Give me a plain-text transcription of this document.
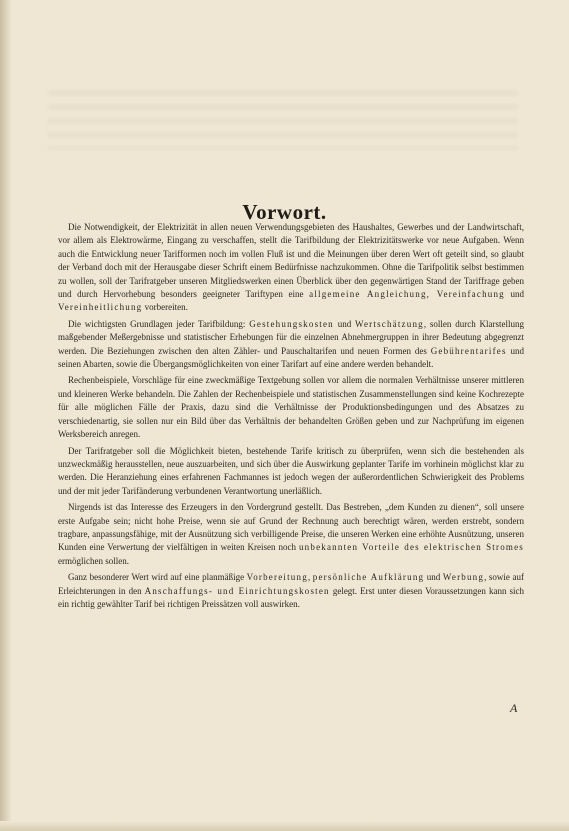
Vorwort.

Die Notwendigkeit, der Elektrizität in allen neuen Verwendungsgebieten des Haushaltes, Gewerbes und der Landwirtschaft, vor allem als Elektrowärme, Eingang zu verschaffen, stellt die Tarifbildung der Elektrizitätswerke vor neue Aufgaben. Wenn auch die Entwicklung neuer Tarifformen noch im vollen Fluß ist und die Meinungen über deren Wert oft geteilt sind, so glaubt der Verband doch mit der Herausgabe dieser Schrift einem Bedürfnisse nachzukommen. Ohne die Tarifpolitik selbst bestimmen zu wollen, soll der Tarifratgeber unseren Mitgliedswerken einen Überblick über den gegenwärtigen Stand der Tariffrage geben und durch Hervorhebung besonders geeigneter Tariftypen eine allgemeine Angleichung, Vereinfachung und Vereinheitlichung vorbereiten.

Die wichtigsten Grundlagen jeder Tarifbildung: Gestehungskosten und Wertschätzung, sollen durch Klarstellung maßgebender Meßergebnisse und statistischer Erhebungen für die einzelnen Abnehmergruppen in ihrer Bedeutung abgegrenzt werden. Die Beziehungen zwischen den alten Zähler- und Pauschaltarifen und neuen Formen des Gebührentarifes und seinen Abarten, sowie die Übergangsmöglichkeiten von einer Tarifart auf eine andere werden behandelt.

Rechenbeispiele, Vorschläge für eine zweckmäßige Textgebung sollen vor allem die normalen Verhältnisse unserer mittleren und kleineren Werke behandeln. Die Zahlen der Rechenbeispiele und statistischen Zusammenstellungen sind keine Kochrezepte für alle möglichen Fälle der Praxis, dazu sind die Verhältnisse der Produktionsbedingungen und des Absatzes zu verschiedenartig, sie sollen nur ein Bild über das Verhältnis der behandelten Größen geben und zur Nachprüfung im eigenen Werksbereich anregen.

Der Tarifratgeber soll die Möglichkeit bieten, bestehende Tarife kritisch zu überprüfen, wenn sich die bestehenden als unzweckmäßig herausstellen, neue auszuarbeiten, und sich über die Auswirkung geplanter Tarife im vorhinein möglichst klar zu werden. Die Heranziehung eines erfahrenen Fachmannes ist jedoch wegen der außerordentlichen Schwierigkeit des Problems und der mit jeder Tarifänderung verbundenen Verantwortung unerläßlich.

Nirgends ist das Interesse des Erzeugers in den Vordergrund gestellt. Das Bestreben, „dem Kunden zu dienen“, soll unsere erste Aufgabe sein; nicht hohe Preise, wenn sie auf Grund der Rechnung auch berechtigt wären, werden erstrebt, sondern tragbare, anpassungsfähige, mit der Ausnützung sich verbilligende Preise, die unseren Werken eine erhöhte Ausnützung, unseren Kunden eine Verwertung der vielfältigen in weiten Kreisen noch unbekannten Vorteile des elektrischen Stromes ermöglichen sollen.

Ganz besonderer Wert wird auf eine planmäßige Vorbereitung, persönliche Aufklärung und Werbung, sowie auf Erleichterungen in den Anschaffungs- und Einrichtungskosten gelegt. Erst unter diesen Voraussetzungen kann sich ein richtig gewählter Tarif bei richtigen Preissätzen voll auswirken.

A
